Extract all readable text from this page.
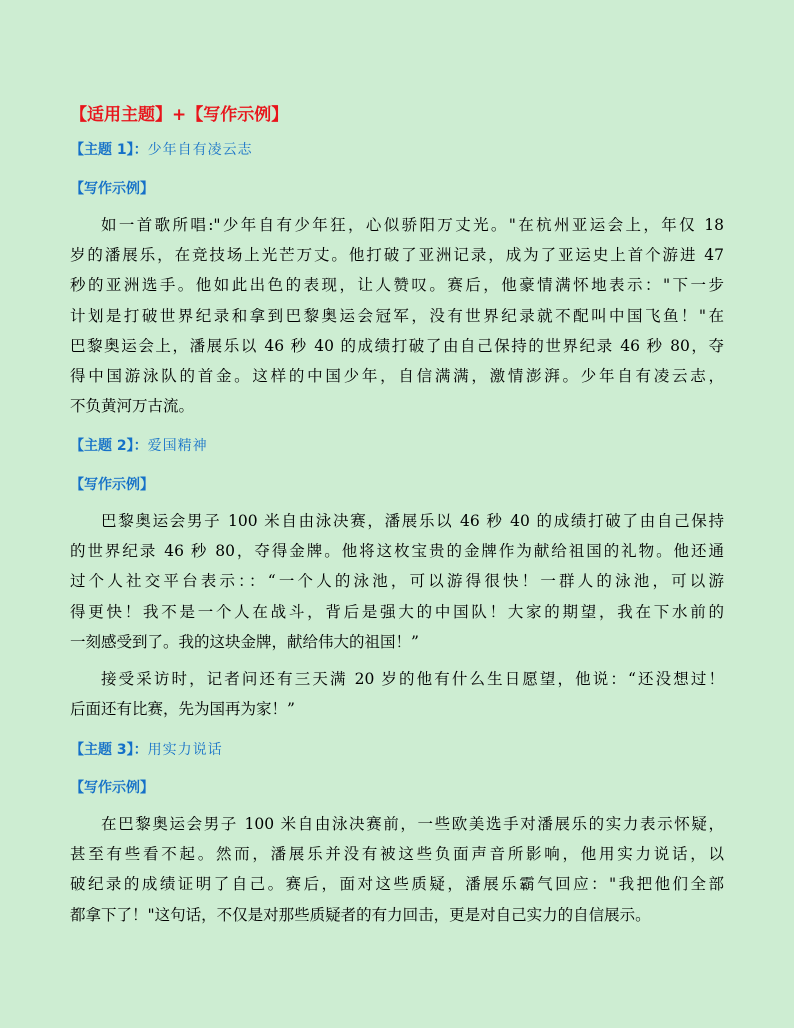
【适用主题】+【写作示例】
【主题 1】：少年自有凌云志
【写作示例】
如一首歌所唱:"少年自有少年狂，心似骄阳万丈光。"在杭州亚运会上，年仅 18
岁的潘展乐，在竞技场上光芒万丈。他打破了亚洲记录，成为了亚运史上首个游进 47
秒的亚洲选手。他如此出色的表现，让人赞叹。赛后，他豪情满怀地表示："下一步
计划是打破世界纪录和拿到巴黎奥运会冠军，没有世界纪录就不配叫中国飞鱼！"在
巴黎奥运会上，潘展乐以 46 秒 40 的成绩打破了由自己保持的世界纪录 46 秒 80，夺
得中国游泳队的首金。这样的中国少年，自信满满，激情澎湃。少年自有凌云志，
不负黄河万古流。
【主题 2】：爱国精神
【写作示例】
巴黎奥运会男子 100 米自由泳决赛，潘展乐以 46 秒 40 的成绩打破了由自己保持
的世界纪录 46 秒 80，夺得金牌。他将这枚宝贵的金牌作为献给祖国的礼物。他还通
过个人社交平台表示：：“一个人的泳池，可以游得很快！一群人的泳池，可以游
得更快！我不是一个人在战斗，背后是强大的中国队！大家的期望，我在下水前的
一刻感受到了。我的这块金牌，献给伟大的祖国！”
接受采访时，记者问还有三天满 20 岁的他有什么生日愿望，他说：“还没想过！
后面还有比赛，先为国再为家！”
【主题 3】：用实力说话
【写作示例】
在巴黎奥运会男子 100 米自由泳决赛前，一些欧美选手对潘展乐的实力表示怀疑，
甚至有些看不起。然而，潘展乐并没有被这些负面声音所影响，他用实力说话，以
破纪录的成绩证明了自己。赛后，面对这些质疑，潘展乐霸气回应："我把他们全部
都拿下了！"这句话，不仅是对那些质疑者的有力回击，更是对自己实力的自信展示。
